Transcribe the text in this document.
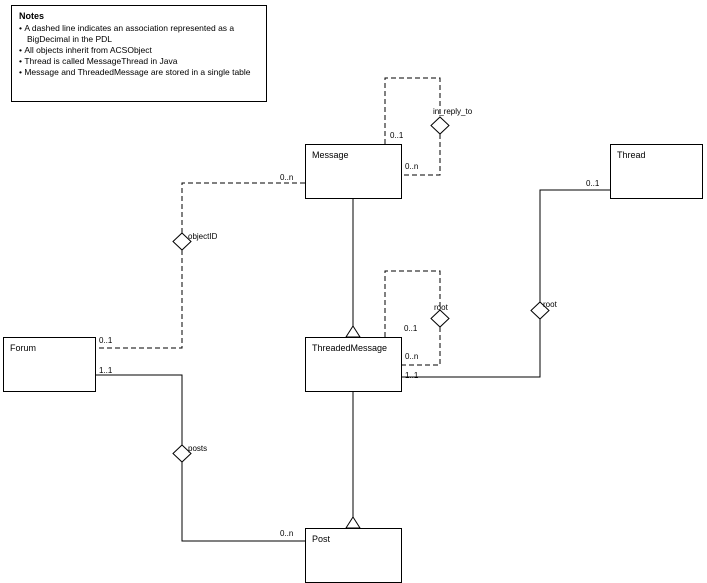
Notes
• A dashed line indicates an association represented as a BigDecimal in the PDL
• All objects inherit from ACSObject
• Thread is called MessageThread in Java
• Message and ThreadedMessage are stored in a single table
Message	Thread
Forum	ThreadedMessage
Post
in_reply_to
0..1
0..n
0..n
0..1
objectID
root	root
0..1
0..1
0..n
1..1
1..1
posts
0..n
